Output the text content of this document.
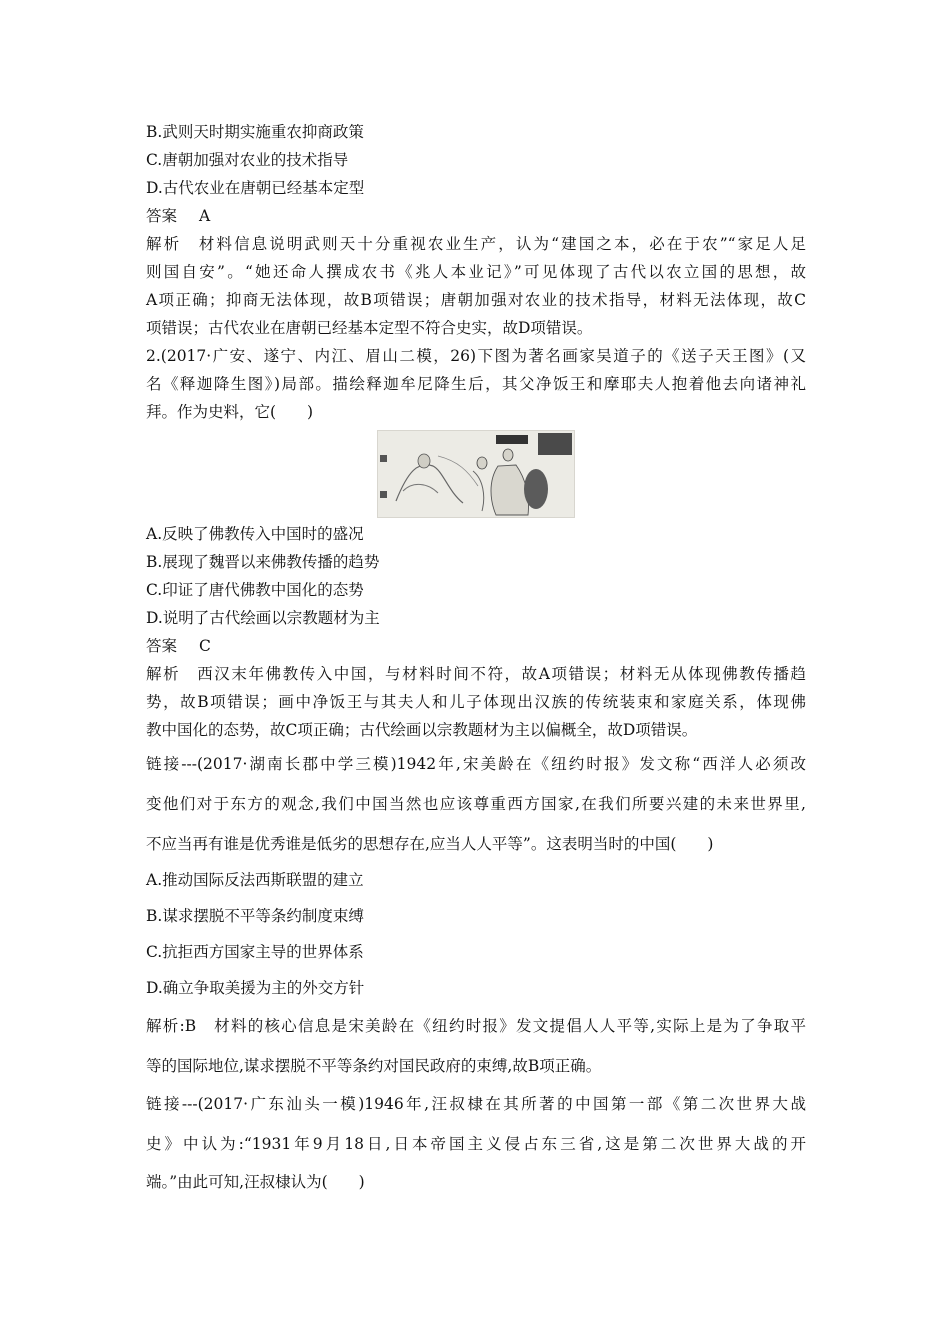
B.武则天时期实施重农抑商政策
C.唐朝加强对农业的技术指导
D.古代农业在唐朝已经基本定型
答案 A
解析　材料信息说明武则天十分重视农业生产，认为“建国之本，必在于农”“家足人足
则国自安”。“她还命人撰成农书《兆人本业记》”可见体现了古代以农立国的思想，故
A项正确；抑商无法体现，故B项错误；唐朝加强对农业的技术指导，材料无法体现，故C
项错误；古代农业在唐朝已经基本定型不符合史实，故D项错误。
2.(2017·广安、遂宁、内江、眉山二模，26)下图为著名画家吴道子的《送子天王图》(又
名《释迦降生图》)局部。描绘释迦牟尼降生后，其父净饭王和摩耶夫人抱着他去向诸神礼
拜。作为史料，它(　　)
A.反映了佛教传入中国时的盛况
B.展现了魏晋以来佛教传播的趋势
C.印证了唐代佛教中国化的态势
D.说明了古代绘画以宗教题材为主
答案 C
解析　西汉末年佛教传入中国，与材料时间不符，故A项错误；材料无从体现佛教传播趋
势，故B项错误；画中净饭王与其夫人和儿子体现出汉族的传统装束和家庭关系，体现佛
教中国化的态势，故C项正确；古代绘画以宗教题材为主以偏概全，故D项错误。
链接---(2017·湖南长郡中学三模)1942年,宋美龄在《纽约时报》发文称“西洋人必须改
变他们对于东方的观念,我们中国当然也应该尊重西方国家,在我们所要兴建的未来世界里,
不应当再有谁是优秀谁是低劣的思想存在,应当人人平等”。这表明当时的中国(　　)
A.推动国际反法西斯联盟的建立
B.谋求摆脱不平等条约制度束缚
C.抗拒西方国家主导的世界体系
D.确立争取美援为主的外交方针
解析:B　材料的核心信息是宋美龄在《纽约时报》发文提倡人人平等,实际上是为了争取平
等的国际地位,谋求摆脱不平等条约对国民政府的束缚,故B项正确。
链接---(2017·广东汕头一模)1946年,汪叔棣在其所著的中国第一部《第二次世界大战
史》中认为:“1931年9月18日,日本帝国主义侵占东三省,这是第二次世界大战的开
端。”由此可知,汪叔棣认为(　　)
